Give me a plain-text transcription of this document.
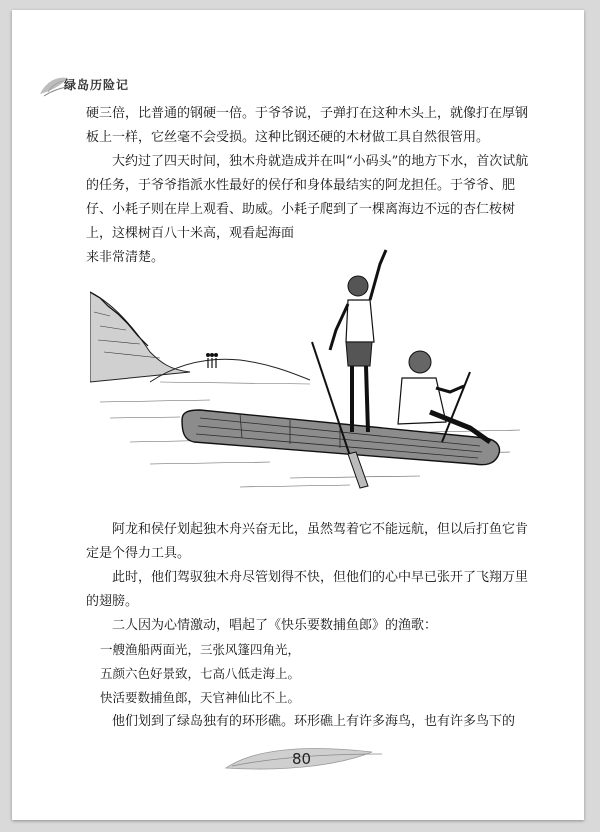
绿岛历险记

硬三倍，比普通的钢硬一倍。于爷爷说，子弹打在这种木头上，就像打在厚钢板上一样，它丝毫不会受损。这种比钢还硬的木材做工具自然很管用。

大约过了四天时间，独木舟就造成并在叫“小码头”的地方下水，首次试航的任务，于爷爷指派水性最好的侯仔和身体最结实的阿龙担任。于爷爷、肥仔、小耗子则在岸上观看、助威。小耗子爬到了一棵离海边不远的杏仁桉树上，这棵树百八十米高，观看起海面

来非常清楚。

阿龙和侯仔划起独木舟兴奋无比，虽然驾着它不能远航，但以后打鱼它肯定是个得力工具。

此时，他们驾驭独木舟尽管划得不快，但他们的心中早已张开了飞翔万里的翅膀。

二人因为心情激动，唱起了《快乐要数捕鱼郎》的渔歌：

一艘渔船两面光，三张风篷四角光，

五颜六色好景致，七高八低走海上。

快活要数捕鱼郎，天官神仙比不上。

他们划到了绿岛独有的环形礁。环形礁上有许多海鸟，也有许多鸟下的

80
